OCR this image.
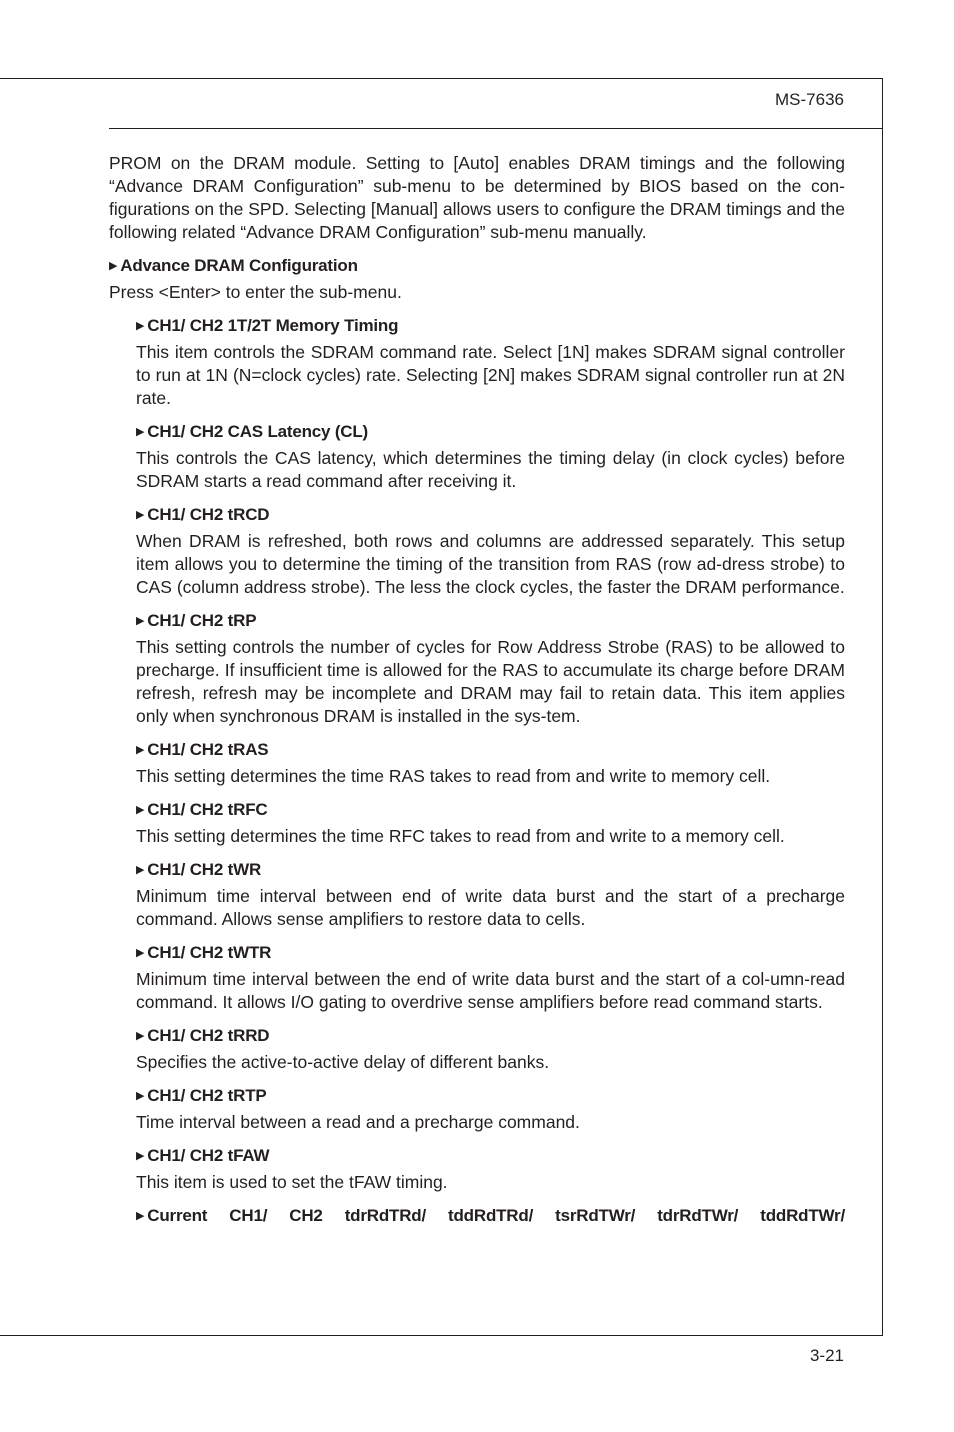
MS-7636

PROM on the DRAM module. Setting to [Auto] enables DRAM timings and the following “Advance DRAM Configuration” sub-menu to be determined by BIOS based on the con-figurations on the SPD. Selecting [Manual] allows users to configure the DRAM timings and the following related “Advance DRAM Configuration” sub-menu manually.

▶ Advance DRAM Configuration

Press <Enter> to enter the sub-menu.

▶ CH1/ CH2 1T/2T Memory Timing

This item controls the SDRAM command rate. Select [1N] makes SDRAM signal controller to run at 1N (N=clock cycles) rate. Selecting [2N] makes SDRAM signal controller run at 2N rate.

▶ CH1/ CH2 CAS Latency (CL)

This controls the CAS latency, which determines the timing delay (in clock cycles) before SDRAM starts a read command after receiving it.

▶ CH1/ CH2 tRCD

When DRAM is refreshed, both rows and columns are addressed separately. This setup item allows you to determine the timing of the transition from RAS (row ad-dress strobe) to CAS (column address strobe). The less the clock cycles, the faster the DRAM performance.

▶ CH1/ CH2 tRP

This setting controls the number of cycles for Row Address Strobe (RAS) to be allowed to precharge. If insufficient time is allowed for the RAS to accumulate its charge before DRAM refresh, refresh may be incomplete and DRAM may fail to retain data. This item applies only when synchronous DRAM is installed in the sys-tem.

▶ CH1/ CH2 tRAS

This setting determines the time RAS takes to read from and write to memory cell.

▶ CH1/ CH2 tRFC

This setting determines the time RFC takes to read from and write to a memory cell.

▶ CH1/ CH2 tWR

Minimum time interval between end of write data burst and the start of a precharge command. Allows sense amplifiers to restore data to cells.

▶ CH1/ CH2 tWTR

Minimum time interval between the end of write data burst and the start of a col-umn-read command. It allows I/O gating to overdrive sense amplifiers before read command starts.

▶ CH1/ CH2 tRRD

Specifies the active-to-active delay of different banks.

▶ CH1/ CH2 tRTP

Time interval between a read and a precharge command.

▶ CH1/ CH2 tFAW

This item is used to set the tFAW timing.

▶ Current CH1/ CH2 tdrRdTRd/ tddRdTRd/ tsrRdTWr/ tdrRdTWr/ tddRdTWr/
3-21
